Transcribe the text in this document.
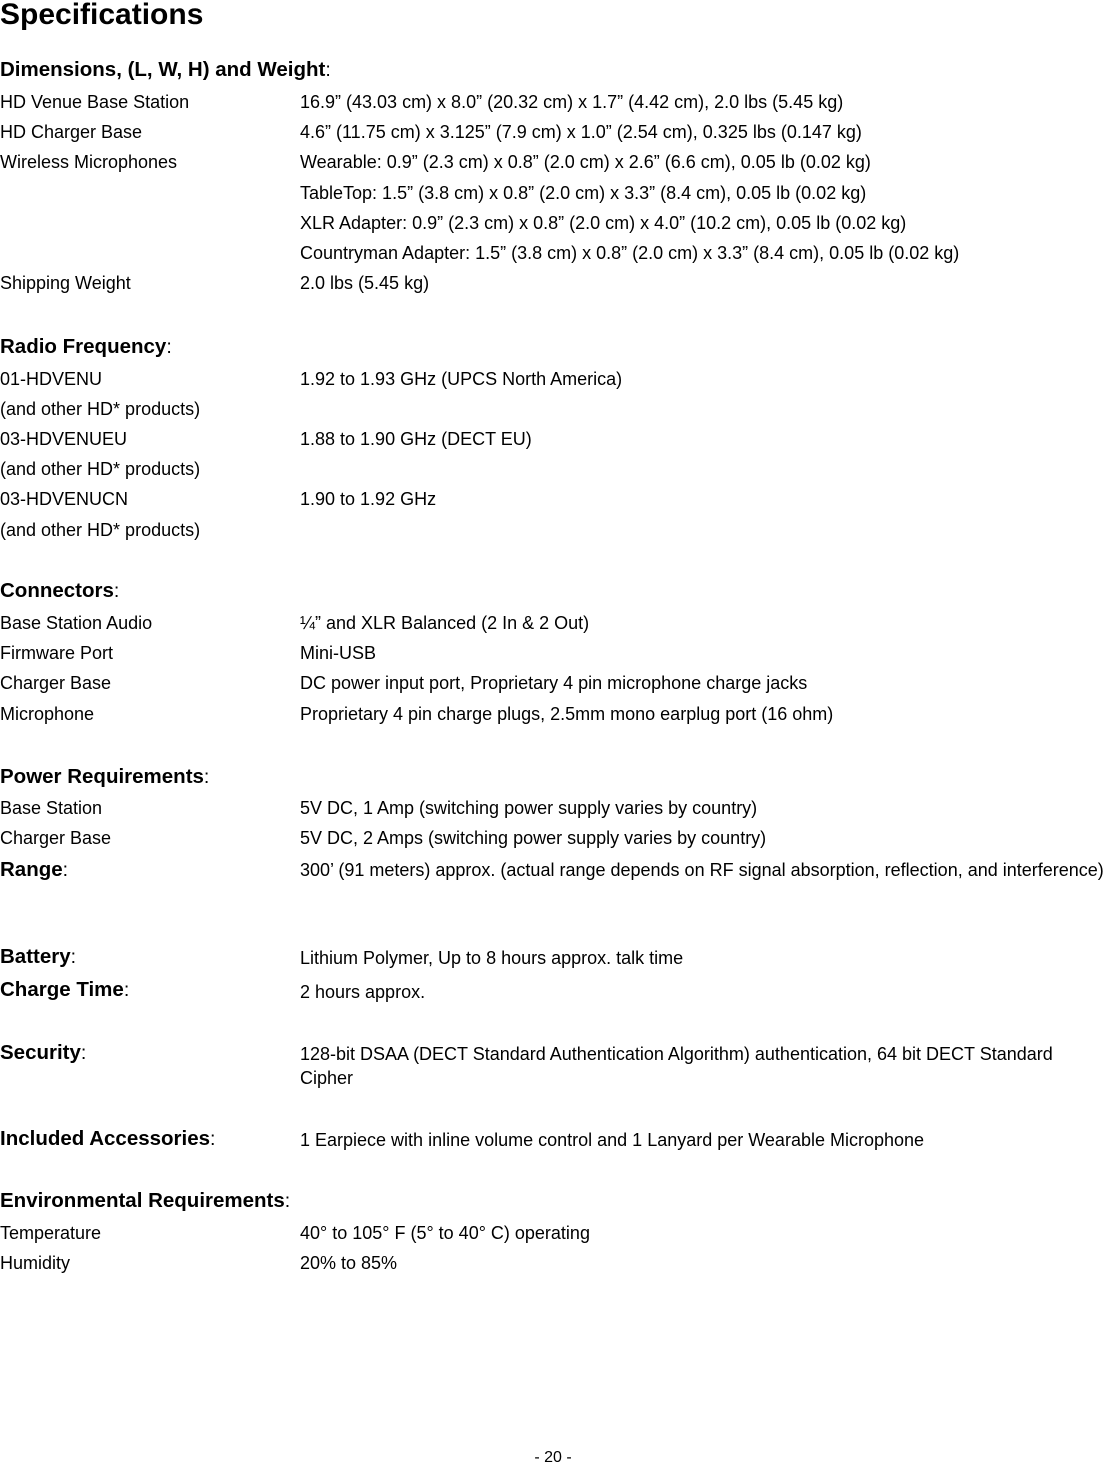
Specifications
Dimensions, (L, W, H) and Weight:
HD Venue Base Station	16.9” (43.03 cm) x 8.0” (20.32 cm) x 1.7” (4.42 cm), 2.0 lbs (5.45 kg)
HD Charger Base	4.6” (11.75 cm) x 3.125” (7.9 cm) x 1.0” (2.54 cm), 0.325 lbs (0.147 kg)
Wireless Microphones	Wearable: 0.9” (2.3 cm) x 0.8” (2.0 cm) x 2.6” (6.6 cm), 0.05 lb (0.02 kg)
TableTop: 1.5” (3.8 cm) x 0.8” (2.0 cm) x 3.3” (8.4 cm), 0.05 lb (0.02 kg)
XLR Adapter: 0.9” (2.3 cm) x 0.8” (2.0 cm) x 4.0” (10.2 cm), 0.05 lb (0.02 kg)
Countryman Adapter: 1.5” (3.8 cm) x 0.8” (2.0 cm) x 3.3” (8.4 cm), 0.05 lb (0.02 kg)
Shipping Weight	2.0 lbs (5.45 kg)
Radio Frequency:
01-HDVENU	1.92 to 1.93 GHz (UPCS North America)
(and other HD* products)
03-HDVENUEU	1.88 to 1.90 GHz (DECT EU)
(and other HD* products)
03-HDVENUCN	1.90 to 1.92 GHz
(and other HD* products)
Connectors:
Base Station Audio	¼” and XLR Balanced (2 In & 2 Out)
Firmware Port	Mini-USB
Charger Base	DC power input port, Proprietary 4 pin microphone charge jacks
Microphone	Proprietary 4 pin charge plugs, 2.5mm mono earplug port (16 ohm)
Power Requirements:
Base Station	5V DC, 1 Amp (switching power supply varies by country)
Charger Base	5V DC, 2 Amps (switching power supply varies by country)
Range:	300’ (91 meters) approx. (actual range depends on RF signal absorption, reflection, and interference)
Battery:	Lithium Polymer, Up to 8 hours approx. talk time
Charge Time:	2 hours approx.
Security:	128-bit DSAA (DECT Standard Authentication Algorithm) authentication, 64 bit DECT Standard Cipher
Included Accessories:	1 Earpiece with inline volume control and 1 Lanyard per Wearable Microphone
Environmental Requirements:
Temperature	40° to 105° F (5° to 40° C) operating
Humidity	20% to 85%
- 20 -
